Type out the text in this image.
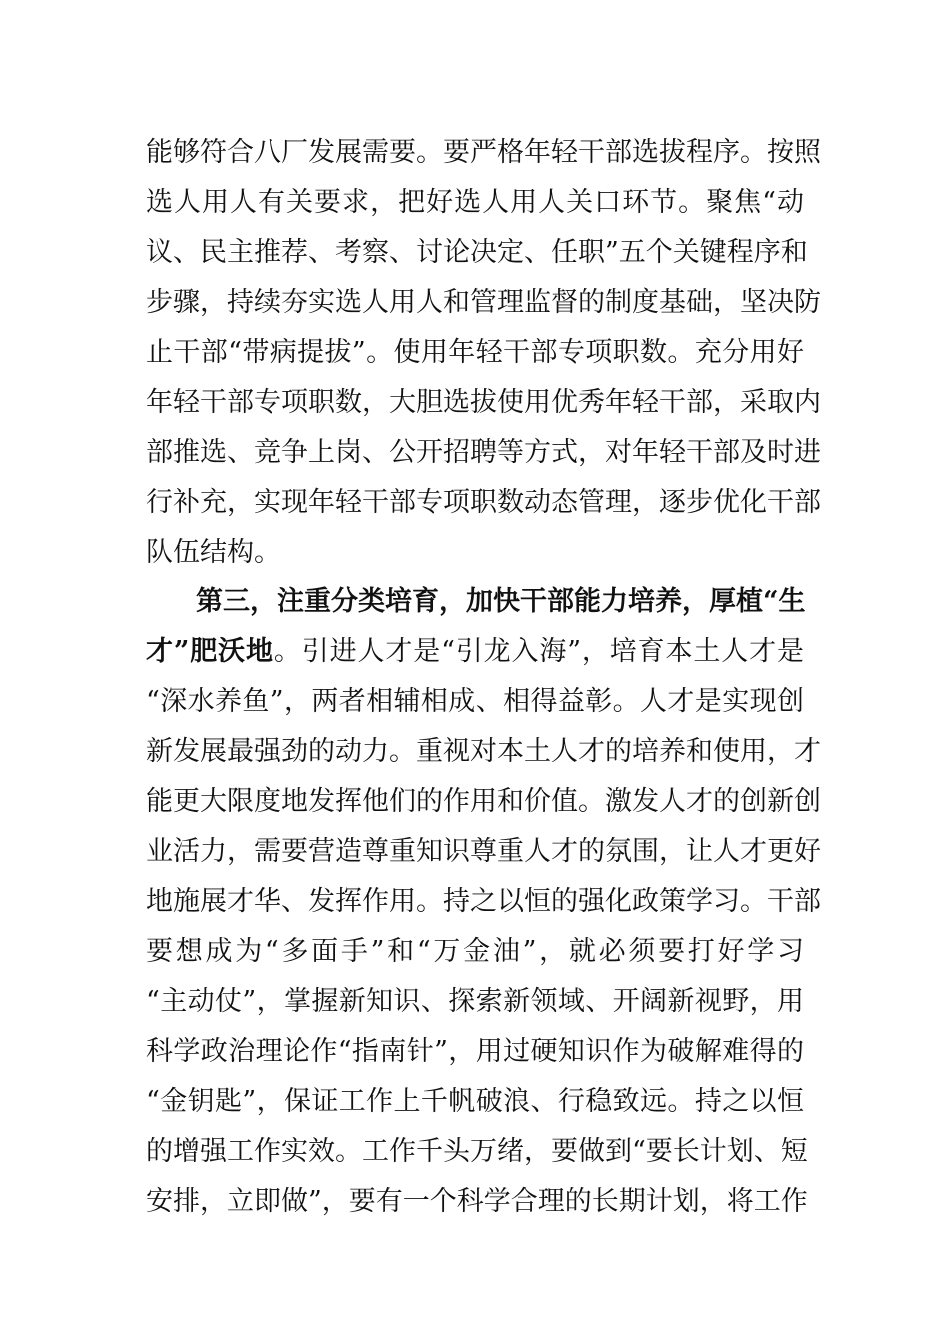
能够符合八厂发展需要。要严格年轻干部选拔程序。按照
选人用人有关要求，把好选人用人关口环节。聚焦“动
议、民主推荐、考察、讨论决定、任职”五个关键程序和
步骤，持续夯实选人用人和管理监督的制度基础，坚决防
止干部“带病提拔”。使用年轻干部专项职数。充分用好
年轻干部专项职数，大胆选拔使用优秀年轻干部，采取内
部推选、竞争上岗、公开招聘等方式，对年轻干部及时进
行补充，实现年轻干部专项职数动态管理，逐步优化干部
队伍结构。
第三，注重分类培育，加快干部能力培养，厚植“生
才”肥沃地。引进人才是“引龙入海”，培育本土人才是
“深水养鱼”，两者相辅相成、相得益彰。人才是实现创
新发展最强劲的动力。重视对本土人才的培养和使用，才
能更大限度地发挥他们的作用和价值。激发人才的创新创
业活力，需要营造尊重知识尊重人才的氛围，让人才更好
地施展才华、发挥作用。持之以恒的强化政策学习。干部
要想成为“多面手”和“万金油”，就必须要打好学习
“主动仗”，掌握新知识、探索新领域、开阔新视野，用
科学政治理论作“指南针”，用过硬知识作为破解难得的
“金钥匙”，保证工作上千帆破浪、行稳致远。持之以恒
的增强工作实效。工作千头万绪，要做到“要长计划、短
安排，立即做”，要有一个科学合理的长期计划，将工作
